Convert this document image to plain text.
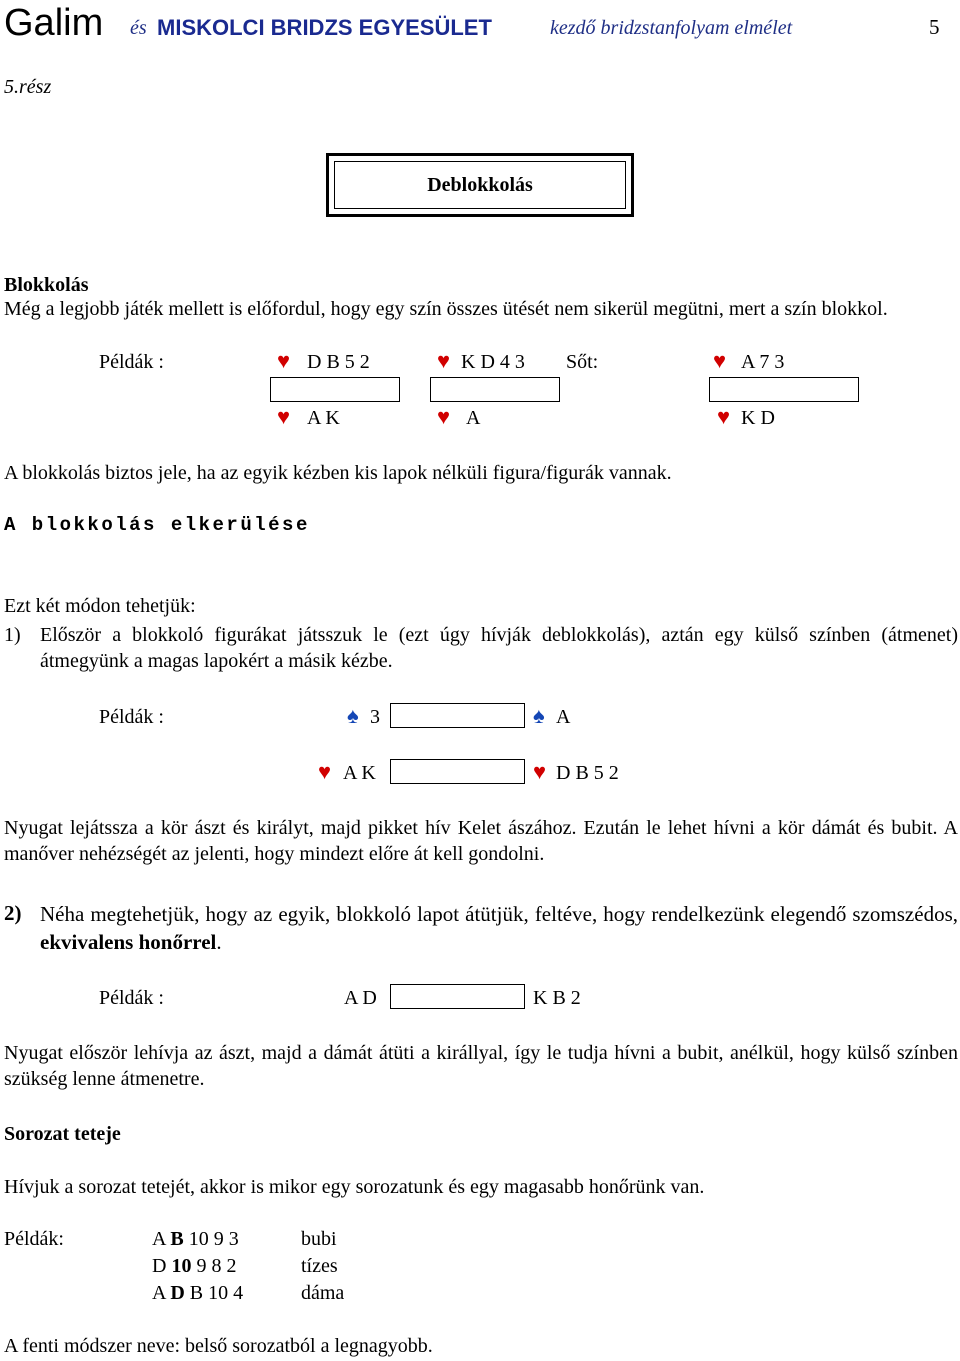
Galim és MISKOLCI BRIDZS EGYESÜLET	kezdő bridzstanfolyam elmélet	5
5.rész
Deblokkolás
Blokkolás
Még a legjobb játék mellett is előfordul, hogy egy szín összes ütését nem sikerül megütni, mert a szín blokkol.
Példák :	♥ D B 5 2	♥ K D 4 3 Sőt:	♥ A 7 3
♥ A K	♥ A	♥ K D
A blokkolás biztos jele, ha az egyik kézben kis lapok nélküli figura/figurák vannak.
A blokkolás elkerülése
Ezt két módon tehetjük:
1) Először a blokkoló figurákat játsszuk le (ezt úgy hívják deblokkolás), aztán egy külső színben (átmenet) átmegyünk a magas lapokért a másik kézbe.
Példák :	♠ 3	♠ A
♥ A K	♥ D B 5 2
Nyugat lejátssza a kör ászt és királyt, majd pikket hív Kelet ászához. Ezután le lehet hívni a kör dámát és bubit. A manőver nehézségét az jelenti, hogy mindezt előre át kell gondolni.
2) Néha megtehetjük, hogy az egyik, blokkoló lapot átütjük, feltéve, hogy rendelkezünk elegendő szomszédos, ekvivalens honőrrel.
Példák :	A D	K B 2
Nyugat először lehívja az ászt, majd a dámát átüti a királlyal, így le tudja hívni a bubit, anélkül, hogy külső színben szükség lenne átmenetre.
Sorozat teteje
Hívjuk a sorozat tetejét, akkor is mikor egy sorozatunk és egy magasabb honőrünk van.
Példák:	A B 10 9 3	bubi
D 10 9 8 2	tízes
A D B 10 4	dáma
A fenti módszer neve: belső sorozatból a legnagyobb.
